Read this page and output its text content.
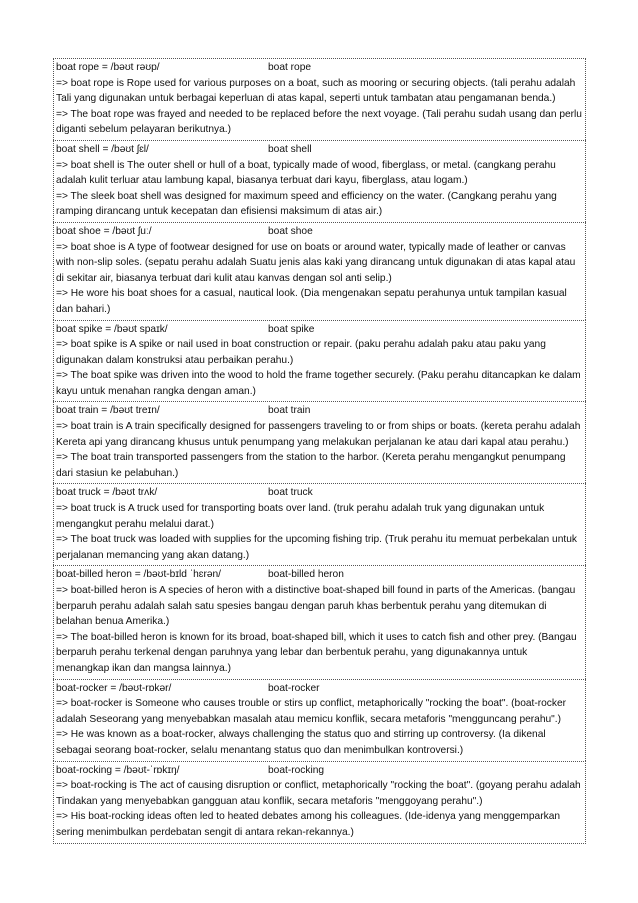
boat rope = /bəʊt rəʊp/	boat rope

=> boat rope is Rope used for various purposes on a boat, such as mooring or securing objects. (tali perahu adalah Tali yang digunakan untuk berbagai keperluan di atas kapal, seperti untuk tambatan atau pengamanan benda.)

=> The boat rope was frayed and needed to be replaced before the next voyage. (Tali perahu sudah usang dan perlu diganti sebelum pelayaran berikutnya.)

boat shell = /bəʊt ʃɛl/	boat shell

=> boat shell is The outer shell or hull of a boat, typically made of wood, fiberglass, or metal. (cangkang perahu adalah kulit terluar atau lambung kapal, biasanya terbuat dari kayu, fiberglass, atau logam.)

=> The sleek boat shell was designed for maximum speed and efficiency on the water. (Cangkang perahu yang ramping dirancang untuk kecepatan dan efisiensi maksimum di atas air.)

boat shoe = /bəʊt ʃuː/	boat shoe

=> boat shoe is A type of footwear designed for use on boats or around water, typically made of leather or canvas with non-slip soles. (sepatu perahu adalah Suatu jenis alas kaki yang dirancang untuk digunakan di atas kapal atau di sekitar air, biasanya terbuat dari kulit atau kanvas dengan sol anti selip.)

=> He wore his boat shoes for a casual, nautical look. (Dia mengenakan sepatu perahunya untuk tampilan kasual dan bahari.)

boat spike = /bəʊt spaɪk/	boat spike

=> boat spike is A spike or nail used in boat construction or repair. (paku perahu adalah paku atau paku yang digunakan dalam konstruksi atau perbaikan perahu.)

=> The boat spike was driven into the wood to hold the frame together securely. (Paku perahu ditancapkan ke dalam kayu untuk menahan rangka dengan aman.)

boat train = /bəʊt treɪn/	boat train

=> boat train is A train specifically designed for passengers traveling to or from ships or boats. (kereta perahu adalah Kereta api yang dirancang khusus untuk penumpang yang melakukan perjalanan ke atau dari kapal atau perahu.)

=> The boat train transported passengers from the station to the harbor. (Kereta perahu mengangkut penumpang dari stasiun ke pelabuhan.)

boat truck = /bəʊt trʌk/	boat truck

=> boat truck is A truck used for transporting boats over land. (truk perahu adalah truk yang digunakan untuk mengangkut perahu melalui darat.)

=> The boat truck was loaded with supplies for the upcoming fishing trip. (Truk perahu itu memuat perbekalan untuk perjalanan memancing yang akan datang.)

boat-billed heron = /bəʊt-bɪld ˈhɛrən/	boat-billed heron

=> boat-billed heron is A species of heron with a distinctive boat-shaped bill found in parts of the Americas. (bangau berparuh perahu adalah salah satu spesies bangau dengan paruh khas berbentuk perahu yang ditemukan di belahan benua Amerika.)

=> The boat-billed heron is known for its broad, boat-shaped bill, which it uses to catch fish and other prey. (Bangau berparuh perahu terkenal dengan paruhnya yang lebar dan berbentuk perahu, yang digunakannya untuk menangkap ikan dan mangsa lainnya.)

boat-rocker = /bəʊt-rɒkər/	boat-rocker

=> boat-rocker is Someone who causes trouble or stirs up conflict, metaphorically "rocking the boat". (boat-rocker adalah Seseorang yang menyebabkan masalah atau memicu konflik, secara metaforis "mengguncang perahu".)

=> He was known as a boat-rocker, always challenging the status quo and stirring up controversy. (Ia dikenal sebagai seorang boat-rocker, selalu menantang status quo dan menimbulkan kontroversi.)

boat-rocking = /bəʊt-ˈrɒkɪŋ/	boat-rocking

=> boat-rocking is The act of causing disruption or conflict, metaphorically "rocking the boat". (goyang perahu adalah Tindakan yang menyebabkan gangguan atau konflik, secara metaforis "menggoyang perahu".)

=> His boat-rocking ideas often led to heated debates among his colleagues. (Ide-idenya yang menggemparkan sering menimbulkan perdebatan sengit di antara rekan-rekannya.)
